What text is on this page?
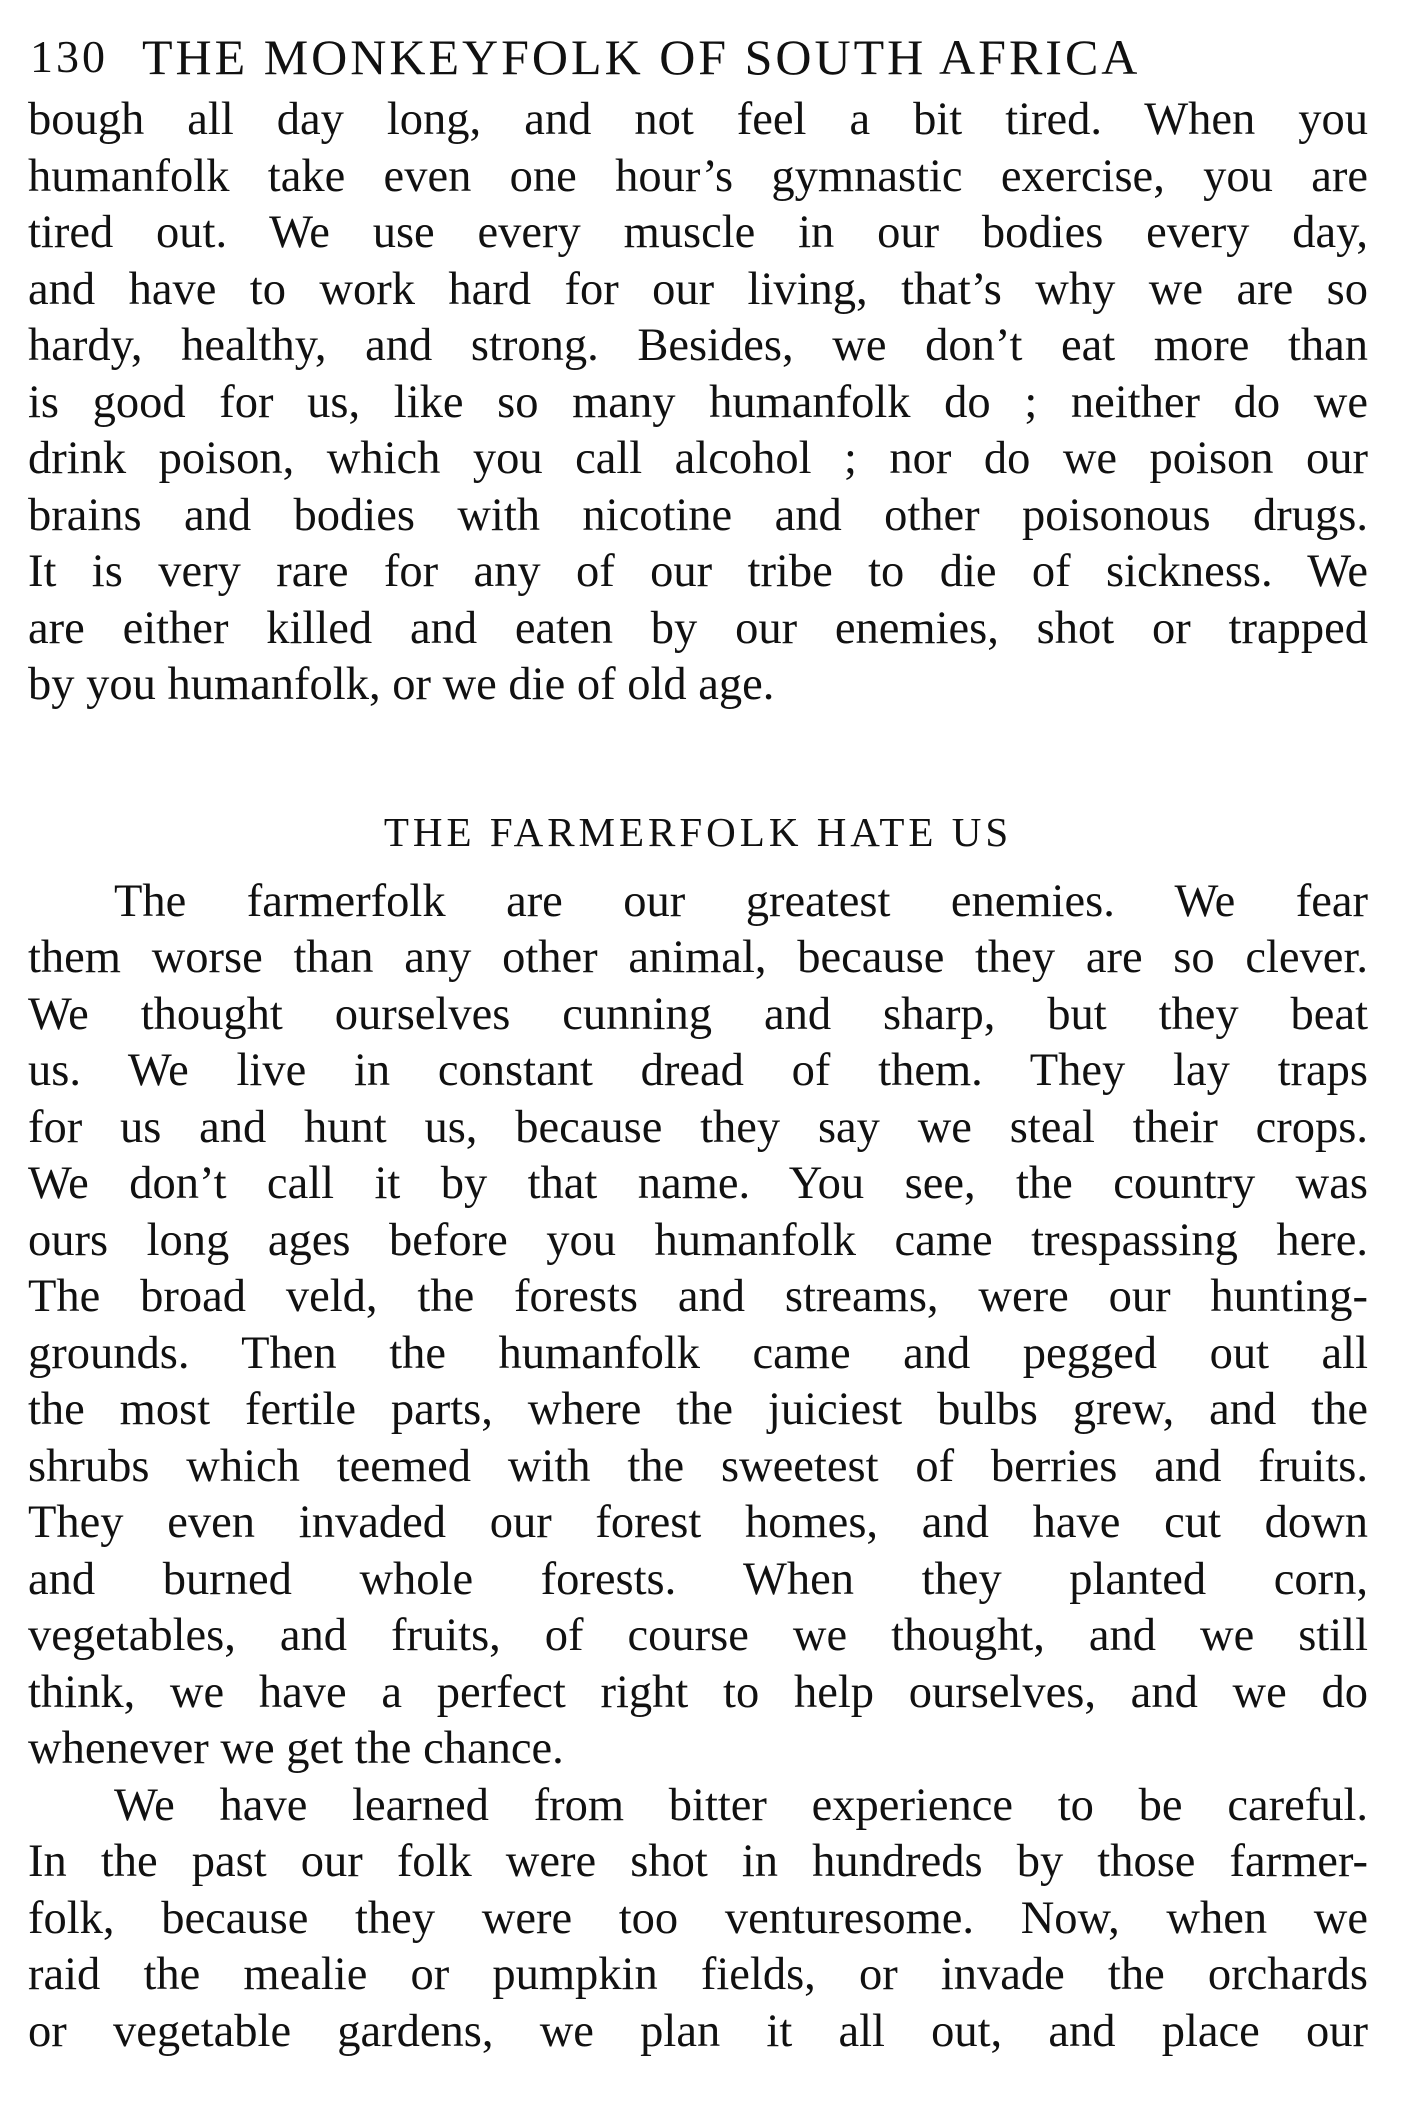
130 THE MONKEYFOLK OF SOUTH AFRICA
bough all day long, and not feel a bit tired. When you
humanfolk take even one hour’s gymnastic exercise, you are
tired out. We use every muscle in our bodies every day,
and have to work hard for our living, that’s why we are so
hardy, healthy, and strong. Besides, we don’t eat more than
is good for us, like so many humanfolk do ; neither do we
drink poison, which you call alcohol ; nor do we poison our
brains and bodies with nicotine and other poisonous drugs.
It is very rare for any of our tribe to die of sickness. We
are either killed and eaten by our enemies, shot or trapped
by you humanfolk, or we die of old age.
THE FARMERFOLK HATE US
The farmerfolk are our greatest enemies. We fear
them worse than any other animal, because they are so clever.
We thought ourselves cunning and sharp, but they beat
us. We live in constant dread of them. They lay traps
for us and hunt us, because they say we steal their crops.
We don’t call it by that name. You see, the country was
ours long ages before you humanfolk came trespassing here.
The broad veld, the forests and streams, were our hunting-
grounds. Then the humanfolk came and pegged out all
the most fertile parts, where the juiciest bulbs grew, and the
shrubs which teemed with the sweetest of berries and fruits.
They even invaded our forest homes, and have cut down
and burned whole forests. When they planted corn,
vegetables, and fruits, of course we thought, and we still
think, we have a perfect right to help ourselves, and we do
whenever we get the chance.
We have learned from bitter experience to be careful.
In the past our folk were shot in hundreds by those farmer-
folk, because they were too venturesome. Now, when we
raid the mealie or pumpkin fields, or invade the orchards
or vegetable gardens, we plan it all out, and place our
